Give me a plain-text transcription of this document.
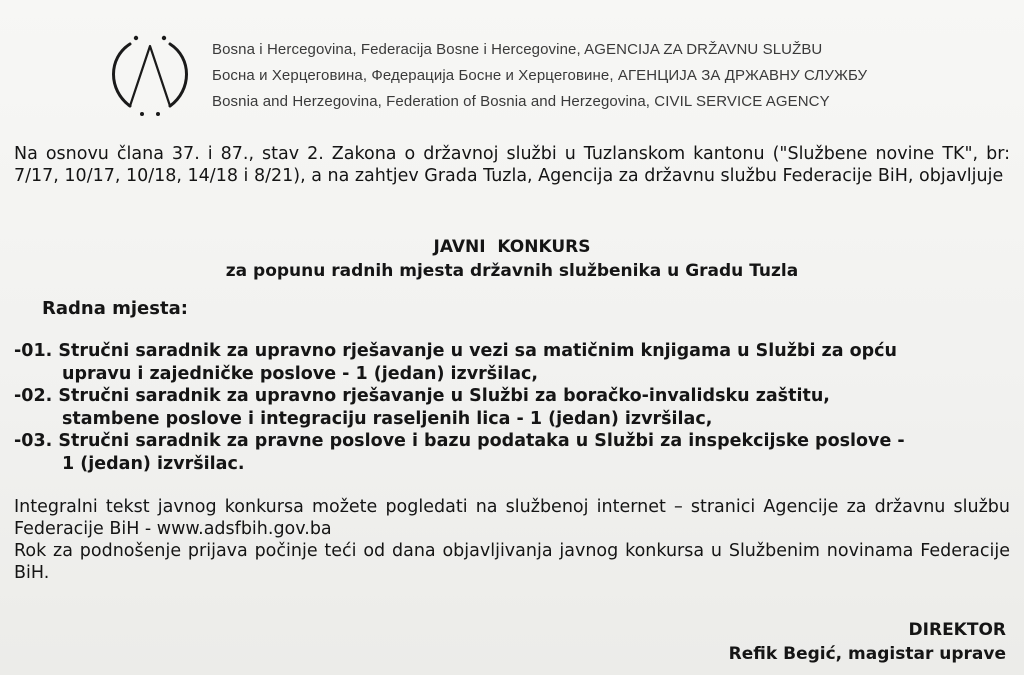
Bosna i Hercegovina, Federacija Bosne i Hercegovine, AGENCIJA ZA DRŽAVNU SLUŽBU
Босна и Херцеговина, Федерација Босне и Херцеговине, АГЕНЦИЈА ЗА ДРЖАВНУ СЛУЖБУ
Bosnia and Herzegovina, Federation of Bosnia and Herzegovina, CIVIL SERVICE AGENCY

Na osnovu člana 37. i 87., stav 2. Zakona o državnoj službi u Tuzlanskom kantonu ("Službene novine TK", br: 7/17, 10/17, 10/18, 14/18 i 8/21), a na zahtjev Grada Tuzla, Agencija za državnu službu Federacije BiH, objavljuje

JAVNI  KONKURS
za popunu radnih mjesta državnih službenika u Gradu Tuzla
Radna mjesta:

-01. Stručni saradnik za upravno rješavanje u vezi sa matičnim knjigama u Službi za opću upravu i zajedničke poslove - 1 (jedan) izvršilac,

-02. Stručni saradnik za upravno rješavanje u Službi za boračko-invalidsku zaštitu, stambene poslove i integraciju raseljenih lica - 1 (jedan) izvršilac,

-03. Stručni saradnik za pravne poslove i bazu podataka u Službi za inspekcijske poslove - 1 (jedan) izvršilac.

Integralni tekst javnog konkursa možete pogledati na službenoj internet – stranici Agencije za državnu službu Federacije BiH - www.adsfbih.gov.ba

Rok za podnošenje prijava počinje teći od dana objavljivanja javnog konkursa u Službenim novinama Federacije BiH.

DIREKTOR
Refik Begić, magistar uprave
